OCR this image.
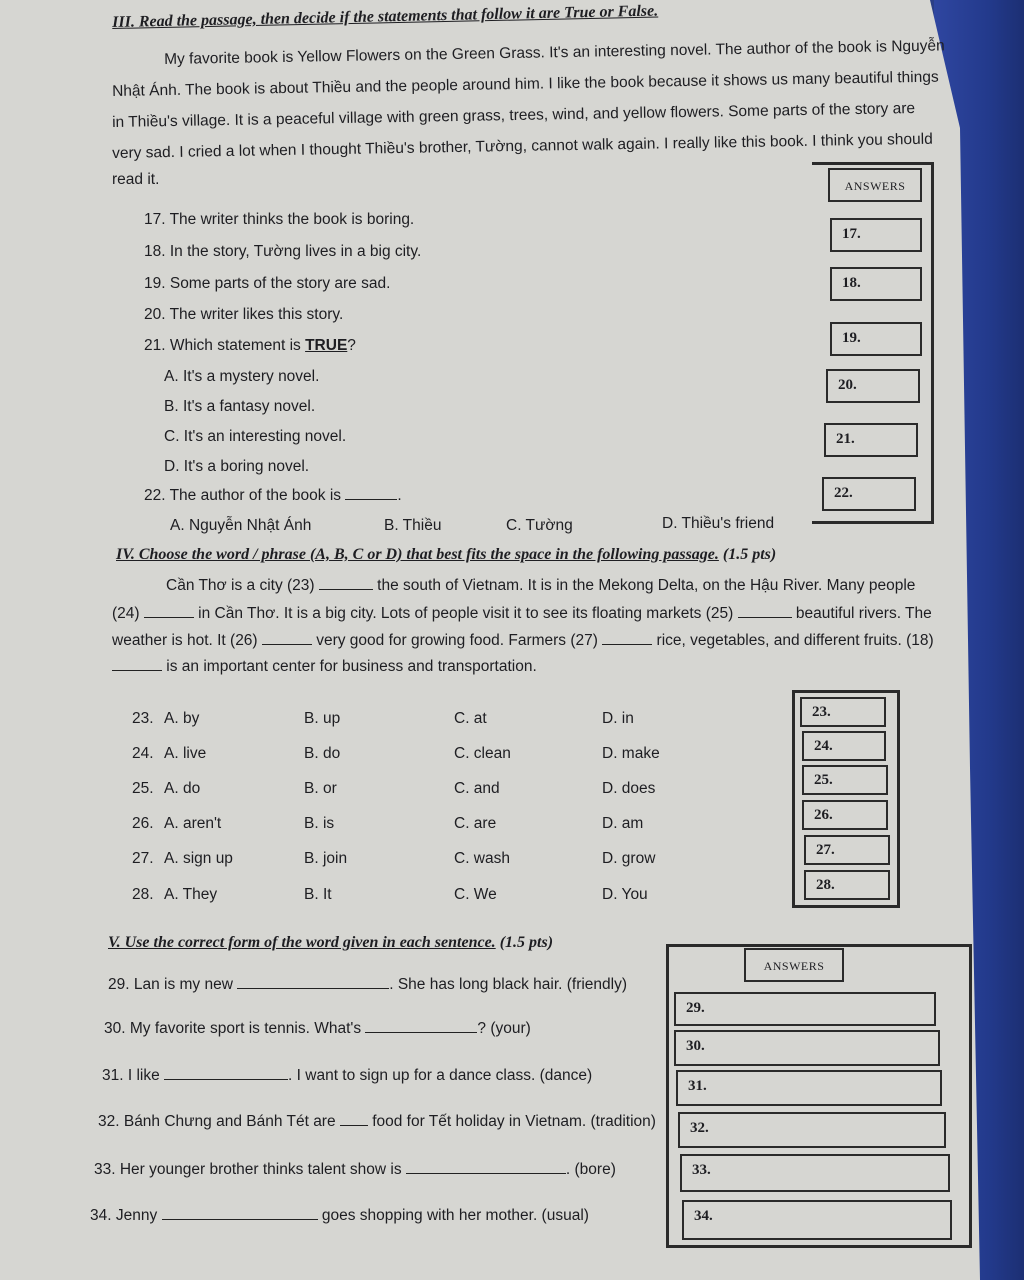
III. Read the passage, then decide if the statements that follow it are True or False.
My favorite book is Yellow Flowers on the Green Grass. It's an interesting novel. The author of the book is Nguyễn
Nhật Ánh. The book is about Thiều and the people around him. I like the book because it shows us many beautiful things
in Thiều's village. It is a peaceful village with green grass, trees, wind, and yellow flowers. Some parts of the story are
very sad. I cried a lot when I thought Thiều's brother, Tường, cannot walk again. I really like this book. I think you should
read it.
17. The writer thinks the book is boring.
18. In the story, Tường lives in a big city.
19. Some parts of the story are sad.
20. The writer likes this story.
21. Which statement is TRUE?
A. It's a mystery novel.
B. It's a fantasy novel.
C. It's an interesting novel.
D. It's a boring novel.
22. The author of the book is	.
A. Nguyễn Nhật Ánh	B. Thiều	C. Tường	D. Thiều's friend
ANSWERS
17.
18.
19.
20.
21.
22.
IV. Choose the word / phrase (A, B, C or D) that best fits the space in the following passage. (1.5 pts)
Cần Thơ is a city (23)	the south of Vietnam. It is in the Mekong Delta, on the Hậu River. Many people
(24)	in Cần Thơ. It is a big city. Lots of people visit it to see its floating markets (25)	beautiful rivers. The
weather is hot. It (26)	very good for growing food. Farmers (27)	rice, vegetables, and different fruits. (18)
is an important center for business and transportation.
23. A. by	B. up	C. at	D. in
24. A. live	B. do	C. clean	D. make
25. A. do	B. or	C. and	D. does
26. A. aren't	B. is	C. are	D. am
27. A. sign up	B. join	C. wash	D. grow
28. A. They	B. It	C. We	D. You
23.
24.
25.
26.
27.
28.
V. Use the correct form of the word given in each sentence. (1.5 pts)
29. Lan is my new	. She has long black hair. (friendly)
30. My favorite sport is tennis. What's	? (your)
31. I like	. I want to sign up for a dance class. (dance)
32. Bánh Chưng and Bánh Tét are  food for Tết holiday in Vietnam. (tradition)
33. Her younger brother thinks talent show is	. (bore)
34. Jenny	goes shopping with her mother. (usual)
ANSWERS
29.
30.
31.
32.
33.
34.
